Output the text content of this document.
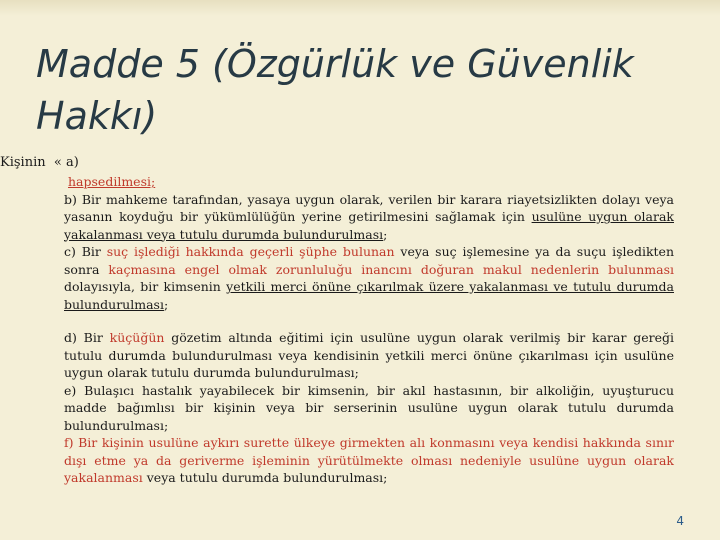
Madde 5 (Özgürlük ve Güvenlik Hakkı)
Kişinin  « a)

hapsedilmesi;

b) Bir mahkeme tarafından, yasaya uygun olarak, verilen bir karara riayetsizlikten dolayı veya yasanın koyduğu bir yükümlülüğün yerine getirilmesini sağlamak için usulüne uygun olarak yakalanması veya tutulu durumda bulundurulması;

c) Bir suç işlediği hakkında geçerli şüphe bulunan veya suç işlemesine ya da suçu işledikten sonra kaçmasına engel olmak zorunluluğu inancını doğuran makul nedenlerin bulunması dolayısıyla, bir kimsenin yetkili merci önüne çıkarılmak üzere yakalanması ve tutulu durumda bulundurulması;

d) Bir küçüğün gözetim altında eğitimi için usulüne uygun olarak verilmiş bir karar gereği tutulu durumda bulundurulması veya kendisinin yetkili merci önüne çıkarılması için usulüne uygun olarak tutulu durumda bulundurulması;

e) Bulaşıcı hastalık yayabilecek bir kimsenin, bir akıl hastasının, bir alkoliğin, uyuşturucu madde bağımlısı bir kişinin veya bir serserinin usulüne uygun olarak tutulu durumda bulundurulması;

f) Bir kişinin usulüne aykırı surette ülkeye girmekten alı konmasını veya kendisi hakkında sınır dışı etme ya da geriverme işleminin yürütülmekte olması nedeniyle usulüne uygun olarak yakalanması veya tutulu durumda bulundurulması;

4
